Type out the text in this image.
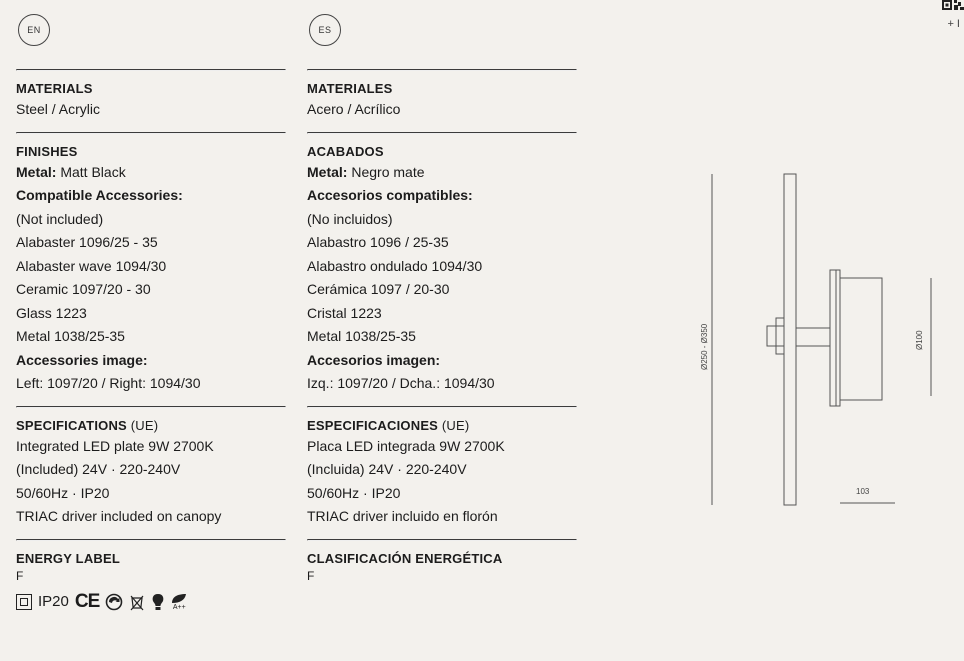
+ I
EN
MATERIALS

Steel / Acrylic

FINISHES

Metal: Matt Black

Compatible Accessories:

(Not included)

Alabaster 1096/25 - 35

Alabaster wave 1094/30

Ceramic 1097/20 - 30

Glass 1223

Metal 1038/25-35

Accessories image:

Left: 1097/20 / Right: 1094/30

SPECIFICATIONS (UE)

Integrated LED plate 9W 2700K

(Included) 24V · 220-240V

50/60Hz · IP20

TRIAC driver included on canopy

ENERGY LABEL

F

IP20 CE	A++
ES
MATERIALES

Acero / Acrílico

ACABADOS

Metal: Negro mate

Accesorios compatibles:

(No incluidos)

Alabastro 1096 / 25-35

Alabastro ondulado 1094/30

Cerámica 1097 / 20-30

Cristal 1223

Metal 1038/25-35

Accesorios imagen:

Izq.: 1097/20 / Dcha.: 1094/30

ESPECIFICACIONES (UE)

Placa LED integrada 9W 2700K

(Incluida) 24V · 220-240V

50/60Hz · IP20

TRIAC driver incluido en florón

CLASIFICACIÓN ENERGÉTICA

F

Ø250 - Ø350	Ø100
103
